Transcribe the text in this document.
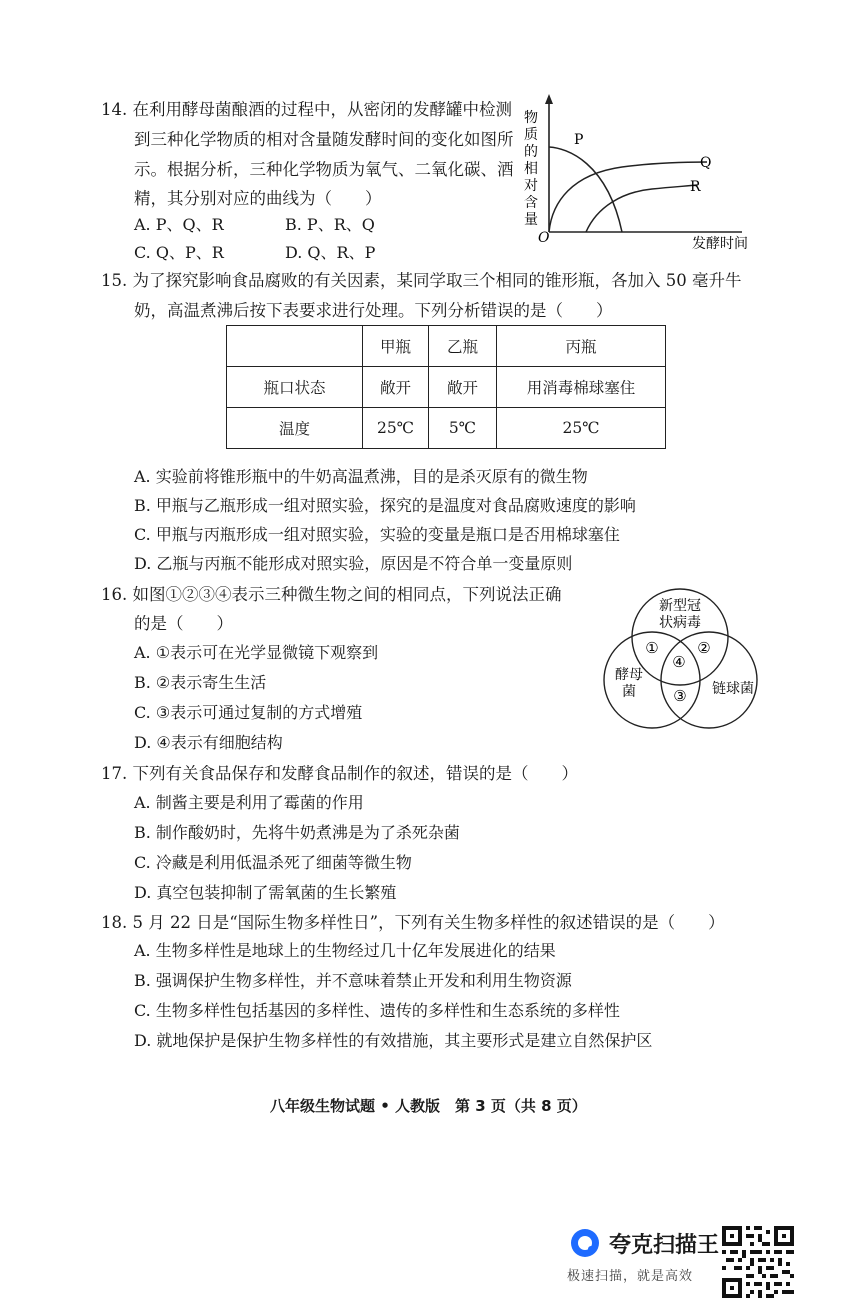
14. 在利用酵母菌酿酒的过程中，从密闭的发酵罐中检测
到三种化学物质的相对含量随发酵时间的变化如图所
示。根据分析，三种化学物质为氧气、二氧化碳、酒
精，其分别对应的曲线为（　　）
A. P、Q、R	B. P、R、Q
C. Q、P、R	D. Q、R、P
物
质
的
相
对
含
量
P
Q
R
O	发酵时间
15. 为了探究影响食品腐败的有关因素，某同学取三个相同的锥形瓶，各加入 50 毫升牛
奶，高温煮沸后按下表要求进行处理。下列分析错误的是（　　）
	甲瓶	乙瓶	丙瓶
瓶口状态	敞开	敞开	用消毒棉球塞住
温度	25℃	5℃	25℃
A. 实验前将锥形瓶中的牛奶高温煮沸，目的是杀灭原有的微生物
B. 甲瓶与乙瓶形成一组对照实验，探究的是温度对食品腐败速度的影响
C. 甲瓶与丙瓶形成一组对照实验，实验的变量是瓶口是否用棉球塞住
D. 乙瓶与丙瓶不能形成对照实验，原因是不符合单一变量原则
16. 如图①②③④表示三种微生物之间的相同点，下列说法正确
的是（　　）
A. ①表示可在光学显微镜下观察到
B. ②表示寄生生活
C. ③表示可通过复制的方式增殖
D. ④表示有细胞结构
新型冠
状病毒
酵母
菌	链球菌
①	②
④
③
17. 下列有关食品保存和发酵食品制作的叙述，错误的是（　　）
A. 制酱主要是利用了霉菌的作用
B. 制作酸奶时，先将牛奶煮沸是为了杀死杂菌
C. 冷藏是利用低温杀死了细菌等微生物
D. 真空包装抑制了需氧菌的生长繁殖
18. 5 月 22 日是“国际生物多样性日”，下列有关生物多样性的叙述错误的是（　　）
A. 生物多样性是地球上的生物经过几十亿年发展进化的结果
B. 强调保护生物多样性，并不意味着禁止开发和利用生物资源
C. 生物多样性包括基因的多样性、遗传的多样性和生态系统的多样性
D. 就地保护是保护生物多样性的有效措施，其主要形式是建立自然保护区
八年级生物试题 • 人教版　第 3 页（共 8 页）
夸克扫描王
极速扫描，就是高效
